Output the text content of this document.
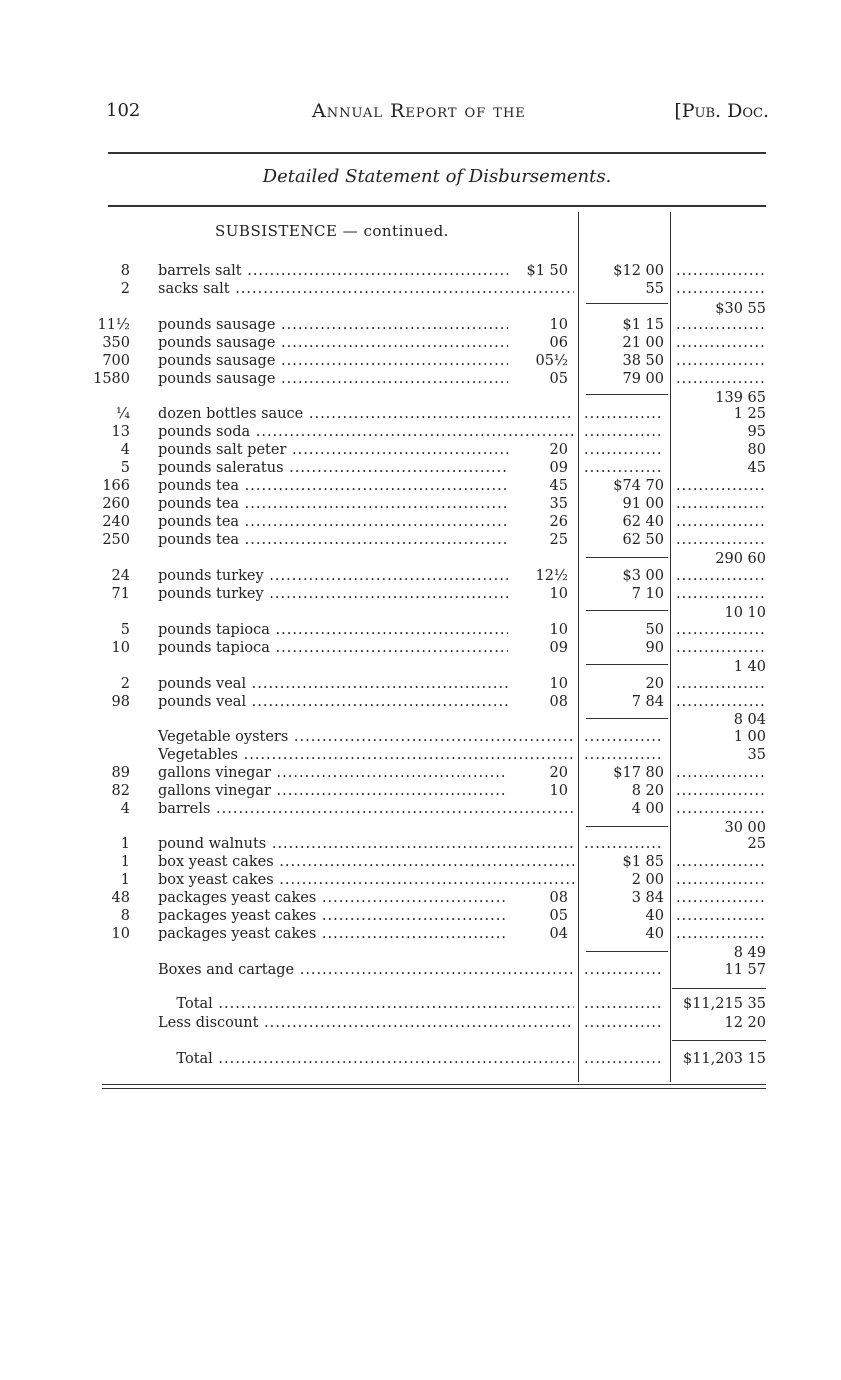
102	Annual Report of the	[Pub. Doc.
Detailed Statement of Disbursements.
SUBSISTENCE — continued.
8 barrels salt .....	$1 50	$12 00
.....
2 sacks salt .....	55
.....
$30 55
11½ pounds sausage .....	10	$1 15
.....
350 pounds sausage .....	06	21 00
.....
700 pounds sausage .....	05½	38 50
.....
1580 pounds sausage .....	05	79 00
.....
139 65
¼ dozen bottles sauce ..... .....	1 25
13 pounds soda ..... .....	95
4 pounds salt peter .....	20 .....	80
5 pounds saleratus .....	09 .....	45
166 pounds tea .....	45	$74 70
.....
260 pounds tea .....	35	91 00
.....
240 pounds tea .....	26	62 40
.....
250 pounds tea .....	25	62 50
.....
290 60
24 pounds turkey .....	12½	$3 00
.....
71 pounds turkey .....	10	7 10
.....
10 10
5 pounds tapioca .....	10	50
.....
10 pounds tapioca .....	09	90
.....
1 40
2 pounds veal .....	10	20
.....
98 pounds veal .....	08	7 84
.....
8 04
Vegetable oysters ..... .....	1 00
Vegetables ..... .....	35
89 gallons vinegar .....	20	$17 80
.....
82 gallons vinegar .....	10	8 20
.....
4 barrels .....	4 00
.....
30 00
1 pound walnuts ..... .....	25
1 box yeast cakes .....	$1 85
.....
1 box yeast cakes .....	2 00
.....
48 packages yeast cakes .....	08	3 84
.....
8 packages yeast cakes .....	05	40
.....
10 packages yeast cakes .....	04	40
.....
8 49
Boxes and cartage ..... .....	11 57
Total ..... .....	$11,215 35
Less discount ..... .....	12 20
Total ..... .....	$11,203 15
